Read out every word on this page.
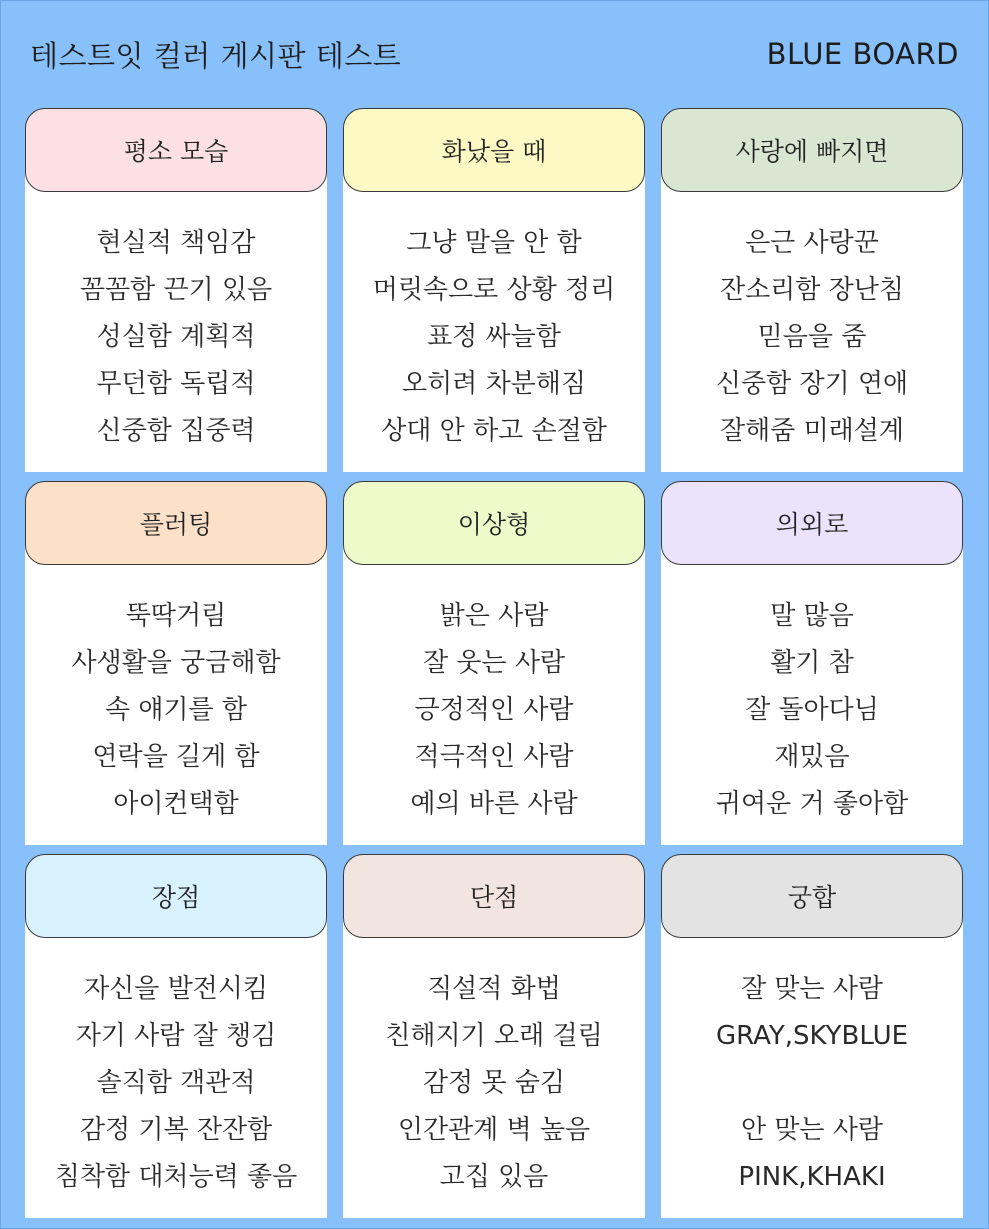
테스트잇 컬러 게시판 테스트	BLUE BOARD
평소 모습
현실적 책임감
꼼꼼함 끈기 있음
성실함 계획적
무던함 독립적
신중함 집중력
화났을 때
그냥 말을 안 함
머릿속으로 상황 정리
표정 싸늘함
오히려 차분해짐
상대 안 하고 손절함
사랑에 빠지면
은근 사랑꾼
잔소리함 장난침
믿음을 줌
신중함 장기 연애
잘해줌 미래설계
플러팅
뚝딱거림
사생활을 궁금해함
속 얘기를 함
연락을 길게 함
아이컨택함
이상형
밝은 사람
잘 웃는 사람
긍정적인 사람
적극적인 사람
예의 바른 사람
의외로
말 많음
활기 참
잘 돌아다님
재밌음
귀여운 거 좋아함
장점
자신을 발전시킴
자기 사람 잘 챙김
솔직함 객관적
감정 기복 잔잔함
침착함 대처능력 좋음
단점
직설적 화법
친해지기 오래 걸림
감정 못 숨김
인간관계 벽 높음
고집 있음
궁합
잘 맞는 사람
GRAY,SKYBLUE
안 맞는 사람
PINK,KHAKI
